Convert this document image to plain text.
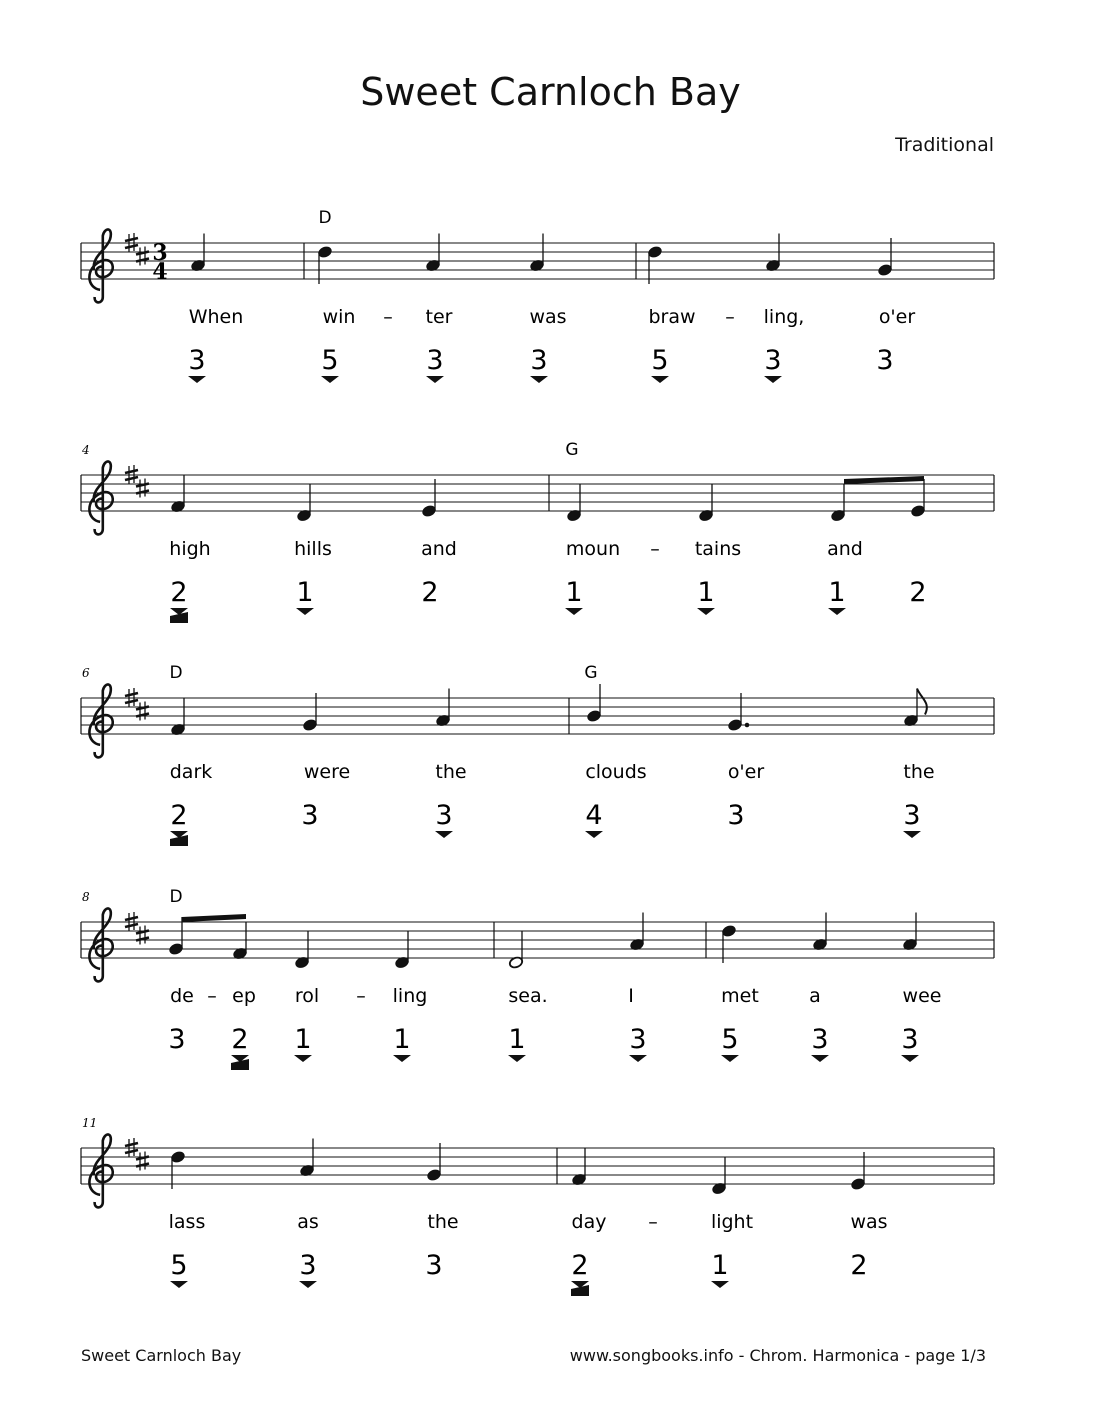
Sweet Carnloch Bay
Traditional
3
4
D
When
3
win
5
ter
3
was
3
braw
5
ling,
3
o'er
3
–	–
4	G
high
2
hills
1
and
2
moun
1
tains
1
and
1 2
–
6	D	G
dark
2
were
3
the
3
clouds
4
o'er
3
the
3
8	D
de
3
ep
2
rol
1
ling
1
sea.
1
I
3
met
5
a
3
wee
3
–	–
11
lass
5
as
3
the
3
day
2
light
1
was
2
–
Sweet Carnloch Bay	www.songbooks.info - Chrom. Harmonica - page 1/3
